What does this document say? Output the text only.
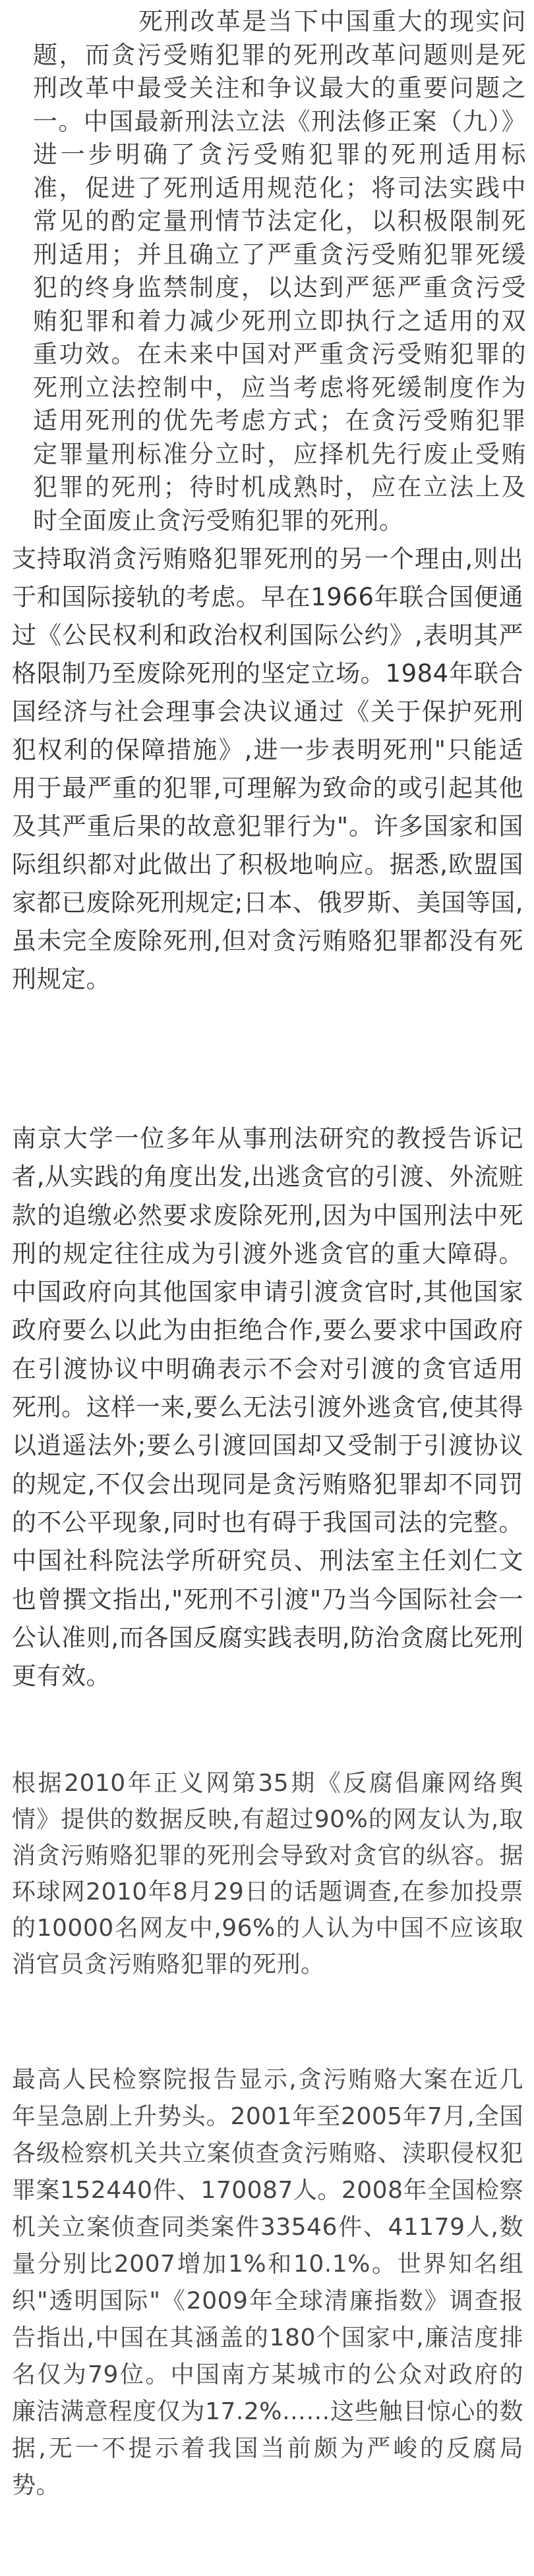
死刑改革是当下中国重大的现实问题，而贪污受贿犯罪的死刑改革问题则是死刑改革中最受关注和争议最大的重要问题之一。中国最新刑法立法《刑法修正案（九）》进一步明确了贪污受贿犯罪的死刑适用标准，促进了死刑适用规范化；将司法实践中常见的酌定量刑情节法定化，以积极限制死刑适用；并且确立了严重贪污受贿犯罪死缓犯的终身监禁制度，以达到严惩严重贪污受贿犯罪和着力减少死刑立即执行之适用的双重功效。在未来中国对严重贪污受贿犯罪的死刑立法控制中，应当考虑将死缓制度作为适用死刑的优先考虑方式；在贪污受贿犯罪定罪量刑标准分立时，应择机先行废止受贿犯罪的死刑；待时机成熟时，应在立法上及时全面废止贪污受贿犯罪的死刑。

支持取消贪污贿赂犯罪死刑的另一个理由,则出于和国际接轨的考虑。早在1966年联合国便通过《公民权利和政治权利国际公约》,表明其严格限制乃至废除死刑的坚定立场。1984年联合国经济与社会理事会决议通过《关于保护死刑犯权利的保障措施》,进一步表明死刑"只能适用于最严重的犯罪,可理解为致命的或引起其他及其严重后果的故意犯罪行为"。许多国家和国际组织都对此做出了积极地响应。据悉,欧盟国家都已废除死刑规定;日本、俄罗斯、美国等国,虽未完全废除死刑,但对贪污贿赂犯罪都没有死刑规定。

南京大学一位多年从事刑法研究的教授告诉记者,从实践的角度出发,出逃贪官的引渡、外流赃款的追缴必然要求废除死刑,因为中国刑法中死刑的规定往往成为引渡外逃贪官的重大障碍。中国政府向其他国家申请引渡贪官时,其他国家政府要么以此为由拒绝合作,要么要求中国政府在引渡协议中明确表示不会对引渡的贪官适用死刑。这样一来,要么无法引渡外逃贪官,使其得以逍遥法外;要么引渡回国却又受制于引渡协议的规定,不仅会出现同是贪污贿赂犯罪却不同罚的不公平现象,同时也有碍于我国司法的完整。中国社科院法学所研究员、刑法室主任刘仁文也曾撰文指出,"死刑不引渡"乃当今国际社会一公认准则,而各国反腐实践表明,防治贪腐比死刑更有效。

根据2010年正义网第35期《反腐倡廉网络舆情》提供的数据反映,有超过90%的网友认为,取消贪污贿赂犯罪的死刑会导致对贪官的纵容。据环球网2010年8月29日的话题调查,在参加投票的10000名网友中,96%的人认为中国不应该取消官员贪污贿赂犯罪的死刑。

最高人民检察院报告显示,贪污贿赂大案在近几年呈急剧上升势头。2001年至2005年7月,全国各级检察机关共立案侦查贪污贿赂、渎职侵权犯罪案152440件、170087人。2008年全国检察机关立案侦查同类案件33546件、41179人,数量分别比2007增加1%和10.1%。世界知名组织"透明国际"《2009年全球清廉指数》调查报告指出,中国在其涵盖的180个国家中,廉洁度排名仅为79位。中国南方某城市的公众对政府的廉洁满意程度仅为17.2%……这些触目惊心的数据,无一不提示着我国当前颇为严峻的反腐局势。
